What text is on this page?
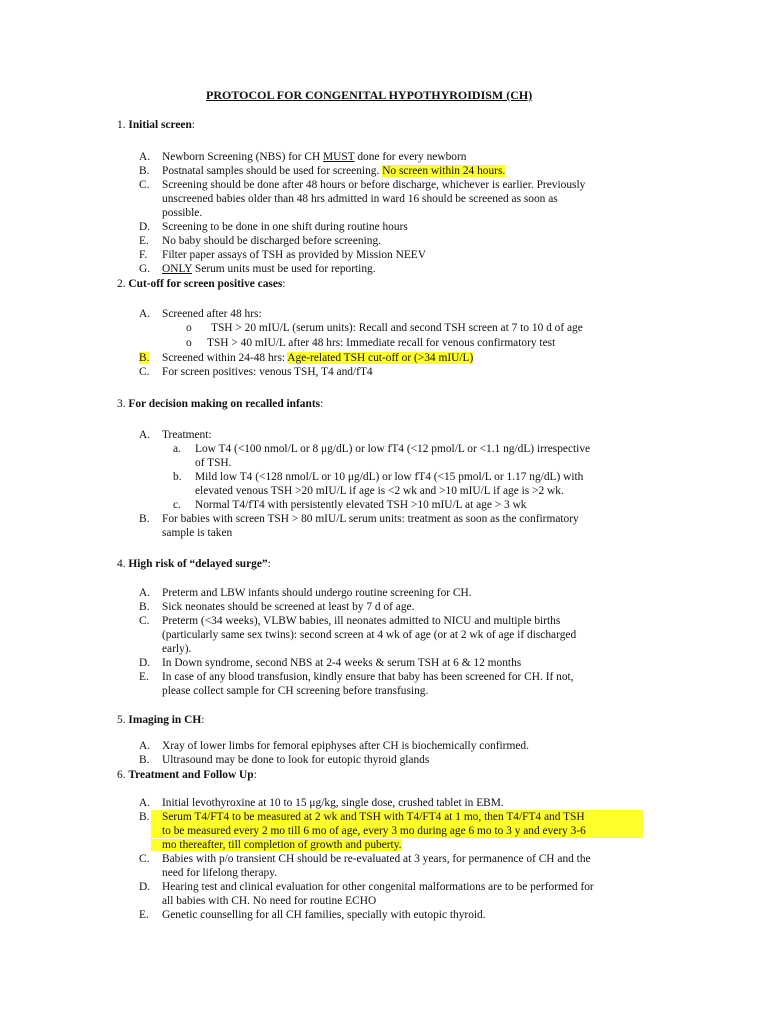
PROTOCOL FOR CONGENITAL HYPOTHYROIDISM (CH)
1. Initial screen:
A. Newborn Screening (NBS) for CH MUST done for every newborn
B. Postnatal samples should be used for screening. No screen within 24 hours.
C. Screening should be done after 48 hours or before discharge, whichever is earlier. Previously
unscreened babies older than 48 hrs admitted in ward 16 should be screened as soon as
possible.
D. Screening to be done in one shift during routine hours
E. No baby should be discharged before screening.
F. Filter paper assays of TSH as provided by Mission NEEV
G. ONLY Serum units must be used for reporting.
2. Cut-off for screen positive cases:
A. Screened after 48 hrs:
o TSH > 20 mIU/L (serum units): Recall and second TSH screen at 7 to 10 d of age
o TSH > 40 mIU/L after 48 hrs: Immediate recall for venous confirmatory test
B. Screened within 24-48 hrs: Age-related TSH cut-off or (>34 mIU/L)
C. For screen positives: venous TSH, T4 and/fT4
3. For decision making on recalled infants:
A. Treatment:
a. Low T4 (<100 nmol/L or 8 μg/dL) or low fT4 (<12 pmol/L or <1.1 ng/dL) irrespective
of TSH.
b. Mild low T4 (<128 nmol/L or 10 μg/dL) or low fT4 (<15 pmol/L or 1.17 ng/dL) with
elevated venous TSH >20 mIU/L if age is <2 wk and >10 mIU/L if age is >2 wk.
c. Normal T4/fT4 with persistently elevated TSH >10 mIU/L at age > 3 wk
B. For babies with screen TSH > 80 mIU/L serum units: treatment as soon as the confirmatory
sample is taken
4. High risk of “delayed surge”:
A. Preterm and LBW infants should undergo routine screening for CH.
B. Sick neonates should be screened at least by 7 d of age.
C. Preterm (<34 weeks), VLBW babies, ill neonates admitted to NICU and multiple births
(particularly same sex twins): second screen at 4 wk of age (or at 2 wk of age if discharged
early).
D. In Down syndrome, second NBS at 2-4 weeks & serum TSH at 6 & 12 months
E. In case of any blood transfusion, kindly ensure that baby has been screened for CH. If not,
please collect sample for CH screening before transfusing.
5. Imaging in CH:
A. Xray of lower limbs for femoral epiphyses after CH is biochemically confirmed.
B. Ultrasound may be done to look for eutopic thyroid glands
6. Treatment and Follow Up:
A. Initial levothyroxine at 10 to 15 μg/kg, single dose, crushed tablet in EBM.
B.	Serum T4/FT4 to be measured at 2 wk and TSH with T4/FT4 at 1 mo, then T4/FT4 and TSH
to be measured every 2 mo till 6 mo of age, every 3 mo during age 6 mo to 3 y and every 3-6
mo thereafter, till completion of growth and puberty.
C. Babies with p/o transient CH should be re-evaluated at 3 years, for permanence of CH and the
need for lifelong therapy.
D. Hearing test and clinical evaluation for other congenital malformations are to be performed for
all babies with CH. No need for routine ECHO
E. Genetic counselling for all CH families, specially with eutopic thyroid.
